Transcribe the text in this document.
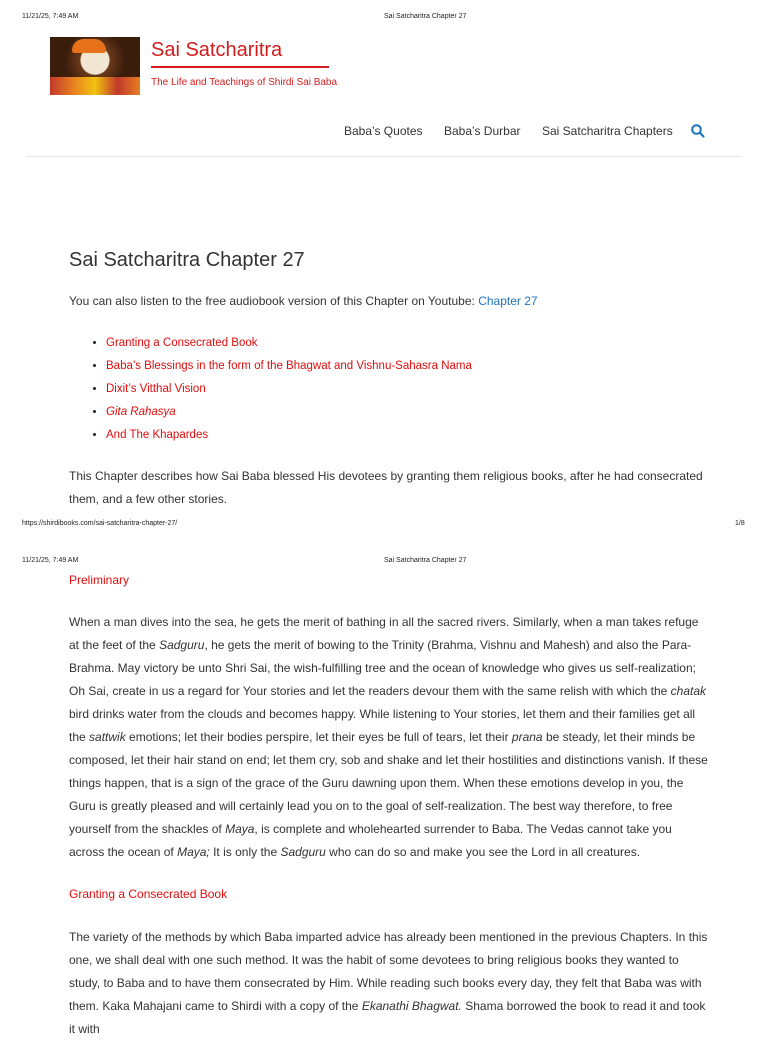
11/21/25, 7:49 AM	Sai Satcharitra Chapter 27
Sai Satcharitra
The Life and Teachings of Shirdi Sai Baba
Baba’s Quotes Baba’s Durbar Sai Satcharitra Chapters
Sai Satcharitra Chapter 27
You can also listen to the free audiobook version of this Chapter on Youtube: Chapter 27
• Granting a Consecrated Book
• Baba’s Blessings in the form of the Bhagwat and Vishnu-Sahasra Nama
• Dixit’s Vitthal Vision
• Gita Rahasya
• And The Khapardes
This Chapter describes how Sai Baba blessed His devotees by granting them religious books, after he had consecrated them, and a few other stories.
https://shirdibooks.com/sai-satcharitra-chapter-27/	1/8
11/21/25, 7:49 AM	Sai Satcharitra Chapter 27
Preliminary
When a man dives into the sea, he gets the merit of bathing in all the sacred rivers. Similarly, when a man takes refuge at the feet of the Sadguru, he gets the merit of bowing to the Trinity (Brahma, Vishnu and Mahesh) and also the Para-Brahma. May victory be unto Shri Sai, the wish-fulfilling tree and the ocean of knowledge who gives us self-realization; Oh Sai, create in us a regard for Your stories and let the readers devour them with the same relish with which the chatak bird drinks water from the clouds and becomes happy. While listening to Your stories, let them and their families get all the sattwik emotions; let their bodies perspire, let their eyes be full of tears, let their prana be steady, let their minds be composed, let their hair stand on end; let them cry, sob and shake and let their hostilities and distinctions vanish. If these things happen, that is a sign of the grace of the Guru dawning upon them. When these emotions develop in you, the Guru is greatly pleased and will certainly lead you on to the goal of self-realization. The best way therefore, to free yourself from the shackles of Maya, is complete and wholehearted surrender to Baba. The Vedas cannot take you across the ocean of Maya; It is only the Sadguru who can do so and make you see the Lord in all creatures.
Granting a Consecrated Book
The variety of the methods by which Baba imparted advice has already been mentioned in the previous Chapters. In this one, we shall deal with one such method. It was the habit of some devotees to bring religious books they wanted to study, to Baba and to have them consecrated by Him. While reading such books every day, they felt that Baba was with them. Kaka Mahajani came to Shirdi with a copy of the Ekanathi Bhagwat. Shama borrowed the book to read it and took it with
